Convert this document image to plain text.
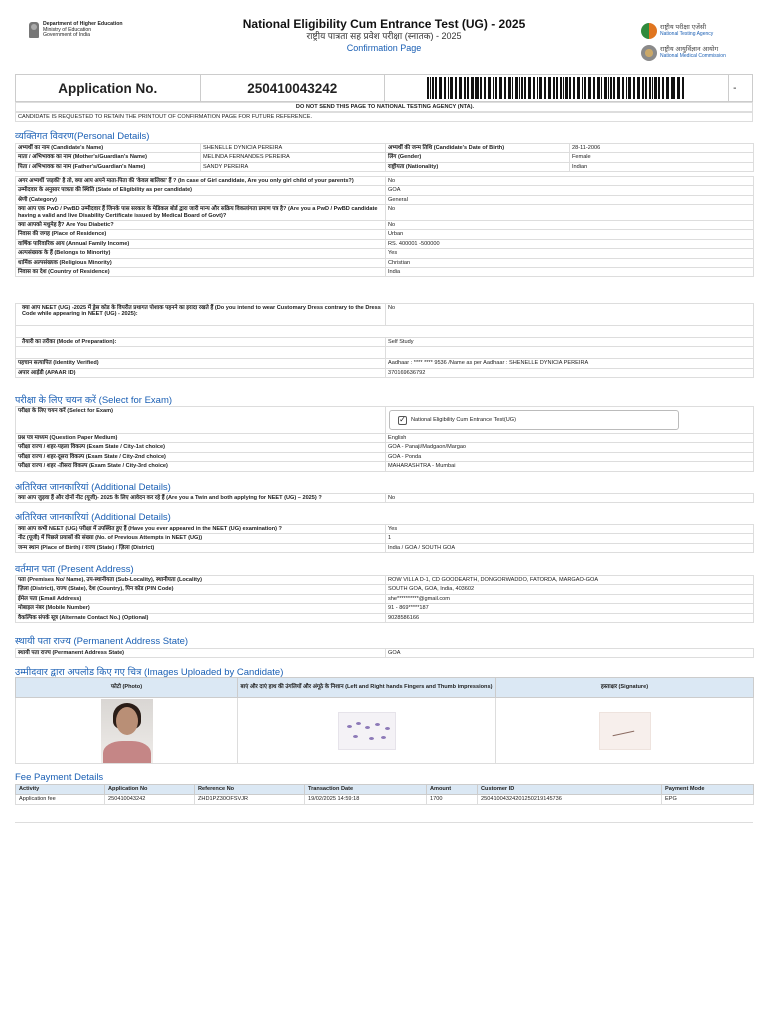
Department of Higher Education
Ministry of Education
Government of India
National Eligibility Cum Entrance Test (UG) - 2025
राष्ट्रीय पात्रता सह प्रवेश परीक्षा (स्नातक) - 2025
Confirmation Page
राष्ट्रीय परीक्षा एजेंसी
National Testing Agency
राष्ट्रीय आयुर्विज्ञान आयोग
National Medical Commission
Application No.	250410043242	-
DO NOT SEND THIS PAGE TO NATIONAL TESTING AGENCY (NTA).
CANDIDATE IS REQUESTED TO RETAIN THE PRINTOUT OF CONFIRMATION PAGE FOR FUTURE REFERENCE.
व्यक्तिगत विवरण(Personal Details)
अभ्यर्थी का नाम (Candidate's Name)	SHENELLE DYNICIA PEREIRA	अभ्यर्थी की जन्म तिथि (Candidate's Date of Birth)	28-11-2006
माता / अभिभावक का नाम (Mother's/Guardian's Name)	MELINDA FERNANDES PEREIRA	लिंग (Gender)	Female
पिता / अभिभावक का नाम (Father's/Guardian's Name)	SANDY PEREIRA	राष्ट्रीयता (Nationality)	Indian
अगर अभ्यर्थी 'लड़की' है तो, क्या आप अपने माता-पिता की 'केवल बालिका' हैं ? (In case of Girl candidate, Are you only girl child of your parents?)	No
उम्मीदवार के अनुसार पात्रता की स्थिति (State of Eligibility as per candidate)	GOA
श्रेणी (Category)	General
क्या आप एक PwD / PwBD उम्मीदवार हैं जिनके पास सरकार के मेडिकल बोर्ड द्वारा जारी मान्य और सक्रिय विकलांगता प्रमाण पत्र है? (Are you a PwD / PwBD candidate having a valid and live Disability Certificate issued by Medical Board of Govt)?	No
क्या आपको मधुमेह है? Are You Diabetic?	No
निवास की जगह (Place of Residence)	Urban
वार्षिक पारिवारिक आय (Annual Family Income)	RS. 400001 -500000
अल्पसंख्यक के हैं (Belongs to Minority)	Yes
धार्मिक अल्पसंख्यक (Religious Minority)	Christian
निवास का देश (Country of Residence)	India
क्या आप NEET (UG) -2025 में ड्रेस कोड के विपरीत प्रथागत पोशाक पहनने का इरादा रखते हैं (Do you intend to wear Customary Dress contrary to the Dress Code while appearing in NEET (UG) - 2025):	No

तैयारी का तरीका (Mode of Preparation):	Self Study

पहचान सत्यापित (Identity Verified)	Aadhaar : **** **** 9536 /Name as per Aadhaar : SHENELLE DYNICIA PEREIRA
अपार आईडी (APAAR ID)	370169636792
परीक्षा के लिए चयन करें (Select for Exam)
परीक्षा के लिए चयन करें (Select for Exam)	✓ National Eligibility Cum Entrance Test(UG)

प्रश्न पत्र माध्यम (Question Paper Medium)	English
परीक्षा राज्य / शहर-पहला विकल्प (Exam State / City-1st choice)	GOA - Panaji/Madgaon/Margao
परीक्षा राज्य / शहर-दूसरा विकल्प (Exam State / City-2nd choice)	GOA - Ponda
परीक्षा राज्य / शहर -तीसरा विकल्प (Exam State / City-3rd choice)	MAHARASHTRA - Mumbai
अतिरिक्त जानकारियां (Additional Details)
क्या आप जुड़वा हैं और दोनों नीट (यूजी)- 2025 के लिए आवेदन कर रहे हैं (Are you a Twin and both applying for NEET (UG) – 2025) ?	No
अतिरिक्त जानकारियां (Additional Details)
क्या आप कभी NEET (UG) परीक्षा में उपस्थित हुए हैं (Have you ever appeared in the NEET (UG) examination) ?	Yes
नीट (यूजी) में पिछले प्रयासों की संख्या (No. of Previous Attempts in NEET (UG))	1
जन्म स्थान (Place of Birth) / राज्य (State) / ज़िला (District)	India / GOA / SOUTH GOA
वर्तमान पता (Present Address)
पता (Premises No/ Name), उप-स्थानीयता (Sub-Locality), स्थानीयता (Locality)	ROW VILLA D-1, CD GOODEARTH, DONGORWADDO, FATORDA, MARGAO-GOA
ज़िला (District), राज्य (State), देश (Country), पिन कोड (PIN Code)	SOUTH GOA, GOA, India, 403602
ईमेल पता (Email Address)	she**********@gmail.com
मोबाइल नंबर (Mobile Number)	91 - 869*****187
वैकल्पिक संपर्क सूत्र (Alternate Contact No.) (Optional)	9028586166
स्थायी पता राज्य (Permanent Address State)
स्थायी पता राज्य (Permanent Address State)	GOA
उम्मीदवार द्वारा अपलोड किए गए चित्र (Images Uploaded by Candidate)
फोटो (Photo)	बाएं और दाएं हाथ की उंगलियों और अंगूठे के निशान (Left and Right hands Fingers and Thumb impressions)	हस्ताक्षर (Signature)

Fee Payment Details
Activity	Application No	Reference No	Transaction Date	Amount	Customer ID	Payment Mode
Application fee	250410043242	ZHD1PZ30OFSVJR	19/02/2025 14:59:18	1700	25041004324201250219145736	EPG
